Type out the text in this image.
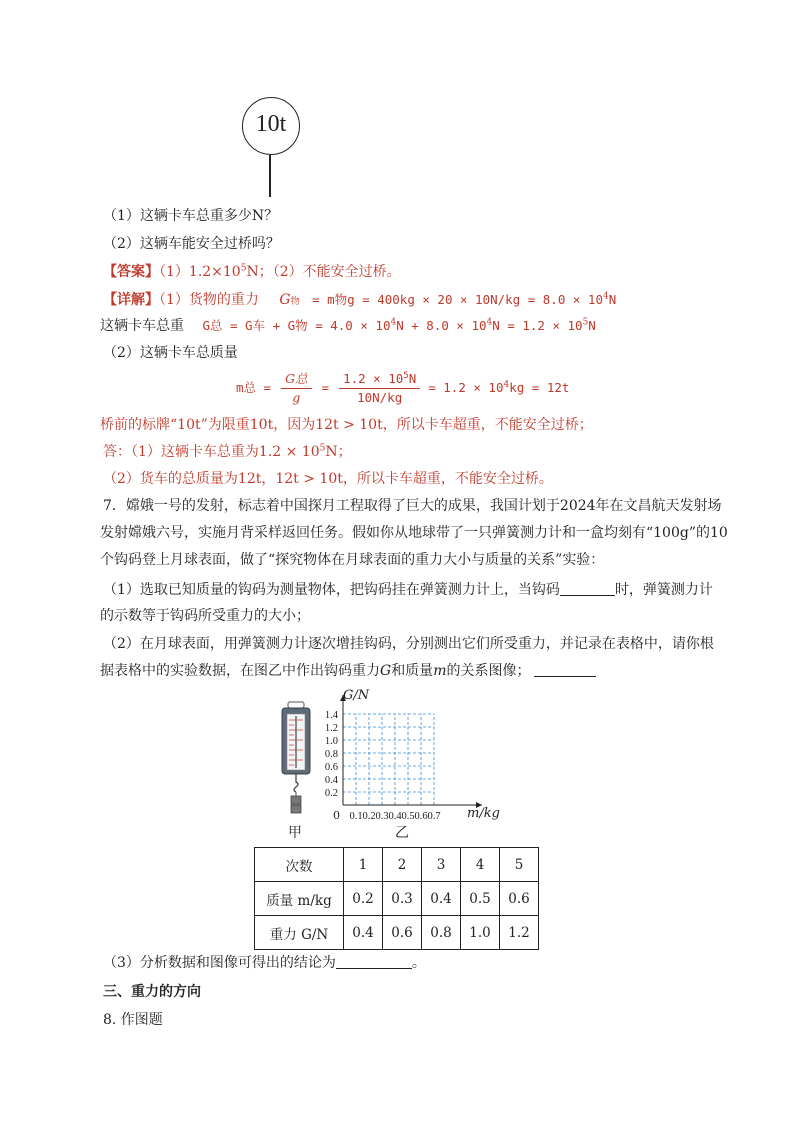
10t
（1）这辆卡车总重多少N？
（2）这辆车能安全过桥吗？
【答案】$(1)1.2\times 10^5N$；（2）不能安全过桥。
【详解】（1）货物的重力 G物 = m物$g = 400kg \times 20 \times 10N/kg = 8.0 \times 10^4N$
这辆卡车总重 G总 = G车 + G物 = $4.0 \times 10^4N + 8.0 \times 10^4N = 1.2 \times 10^5N$
（2）这辆卡车总质量
m总 = $\frac{\text{G总}}{g} = \frac{1.2 \times 10^5N}{10N/kg} = 1.2 \times 10^4kg = 12t$
桥前的标牌“10t”为限重10t，因为12t > 10t，所以卡车超重，不能安全过桥；
答：（1）这辆卡车总重为$1.2 \times 10^5N$；
（2）货车的总质量为12t，12t > 10t，所以卡车超重，不能安全过桥。
7．嫦娥一号的发射，标志着中国探月工程取得了巨大的成果，我国计划于2024年在文昌航天发射场
发射嫦娥六号，实施月背采样返回任务。假如你从地球带了一只弹簧测力计和一盒均刻有“100g”的10
个钩码登上月球表面，做了“探究物体在月球表面的重力大小与质量的关系”实验：
（1）选取已知质量的钩码为测量物体，把钩码挂在弹簧测力计上，当钩码	时，弹簧测力计
的示数等于钩码所受重力的大小；
（2）在月球表面，用弹簧测力计逐次增挂钩码，分别测出它们所受重力，并记录在表格中，请你根
据表格中的实验数据，在图乙中作出钩码重力G和质量m的关系图像；
甲
0.2
0.4
0.6
0.8
1.0
1.2
1.4
0.1 0.2 0.3 0.4 0.5 0.6 0.7
G/N
m/kg
0
乙
次数	1	2	3	4	5
质量 m/kg	0.2	0.3	0.4	0.5	0.6
重力 G/N	0.4	0.6	0.8	1.0	1.2
（3）分析数据和图像可得出的结论为	。
三、重力的方向
8. 作图题
